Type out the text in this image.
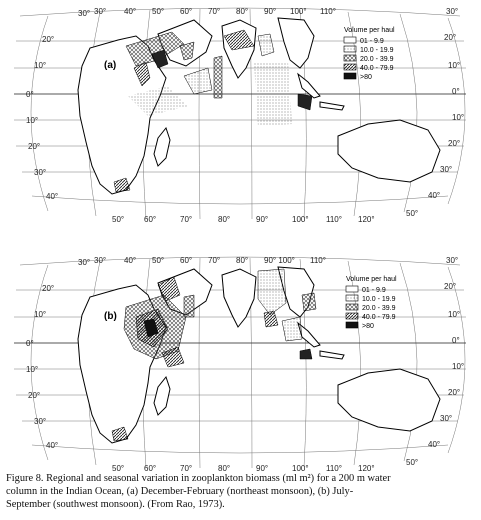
(a)
30° 40° 50° 60° 70° 80° 90° 100° 110°
50° 60°	70°	80°	90°	100° 110° 120°
30°
20°
10°
0°
10°
20°
30°
40°
30°
20°
10°
0°
10°
20°
30°
40°
50°
Volume per haul
01 - 9.9
10.0 - 19.9
20.0 - 39.9
40.0 - 79.9
>80
(b)
30° 40° 50° 60° 70° 80° 90° 100° 110°
50° 60°	70°	80°	90°	100° 110° 120°
30°
20°
10°
0°
10°
20°
30°
40°
30°
20°
10°
0°
10°
20°
30°
40°
50°
Volume per haul
01 - 9.9
10.0 - 19.9
20.0 - 39.9
40.0 - 79.9
>80
Figure 8. Regional and seasonal variation in zooplankton biomass (ml m²) for a 200 m water
column in the Indian Ocean, (a) December-February (northeast monsoon), (b) July-
September (southwest monsoon). (From Rao, 1973).
